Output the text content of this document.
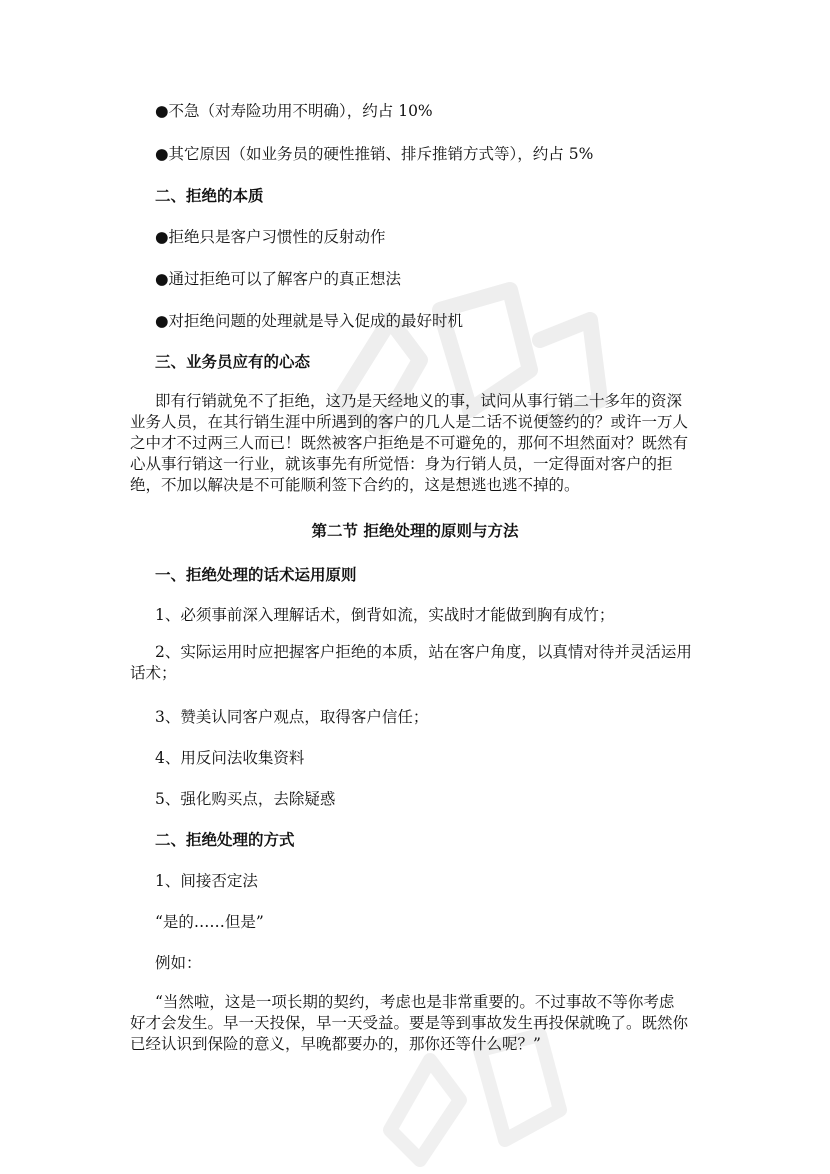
●不急（对寿险功用不明确），约占 10%
●其它原因（如业务员的硬性推销、排斥推销方式等），约占 5%
二、拒绝的本质
●拒绝只是客户习惯性的反射动作
●通过拒绝可以了解客户的真正想法
●对拒绝问题的处理就是导入促成的最好时机
三、业务员应有的心态
即有行销就免不了拒绝，这乃是天经地义的事，试问从事行销二十多年的资深
业务人员，在其行销生涯中所遇到的客户的几人是二话不说便签约的？或许一万人
之中才不过两三人而已！既然被客户拒绝是不可避免的，那何不坦然面对？既然有
心从事行销这一行业，就该事先有所觉悟：身为行销人员，一定得面对客户的拒
绝，不加以解决是不可能顺利签下合约的，这是想逃也逃不掉的。
第二节 拒绝处理的原则与方法
一、拒绝处理的话术运用原则
1、必须事前深入理解话术，倒背如流，实战时才能做到胸有成竹；
2、实际运用时应把握客户拒绝的本质，站在客户角度，以真情对待并灵活运用
话术；
3、赞美认同客户观点，取得客户信任；
4、用反问法收集资料
5、强化购买点，去除疑惑
二、拒绝处理的方式
1、间接否定法
“是的……但是”
例如：
“当然啦，这是一项长期的契约，考虑也是非常重要的。不过事故不等你考虑
好才会发生。早一天投保，早一天受益。要是等到事故发生再投保就晚了。既然你
已经认识到保险的意义，早晚都要办的，那你还等什么呢？”
